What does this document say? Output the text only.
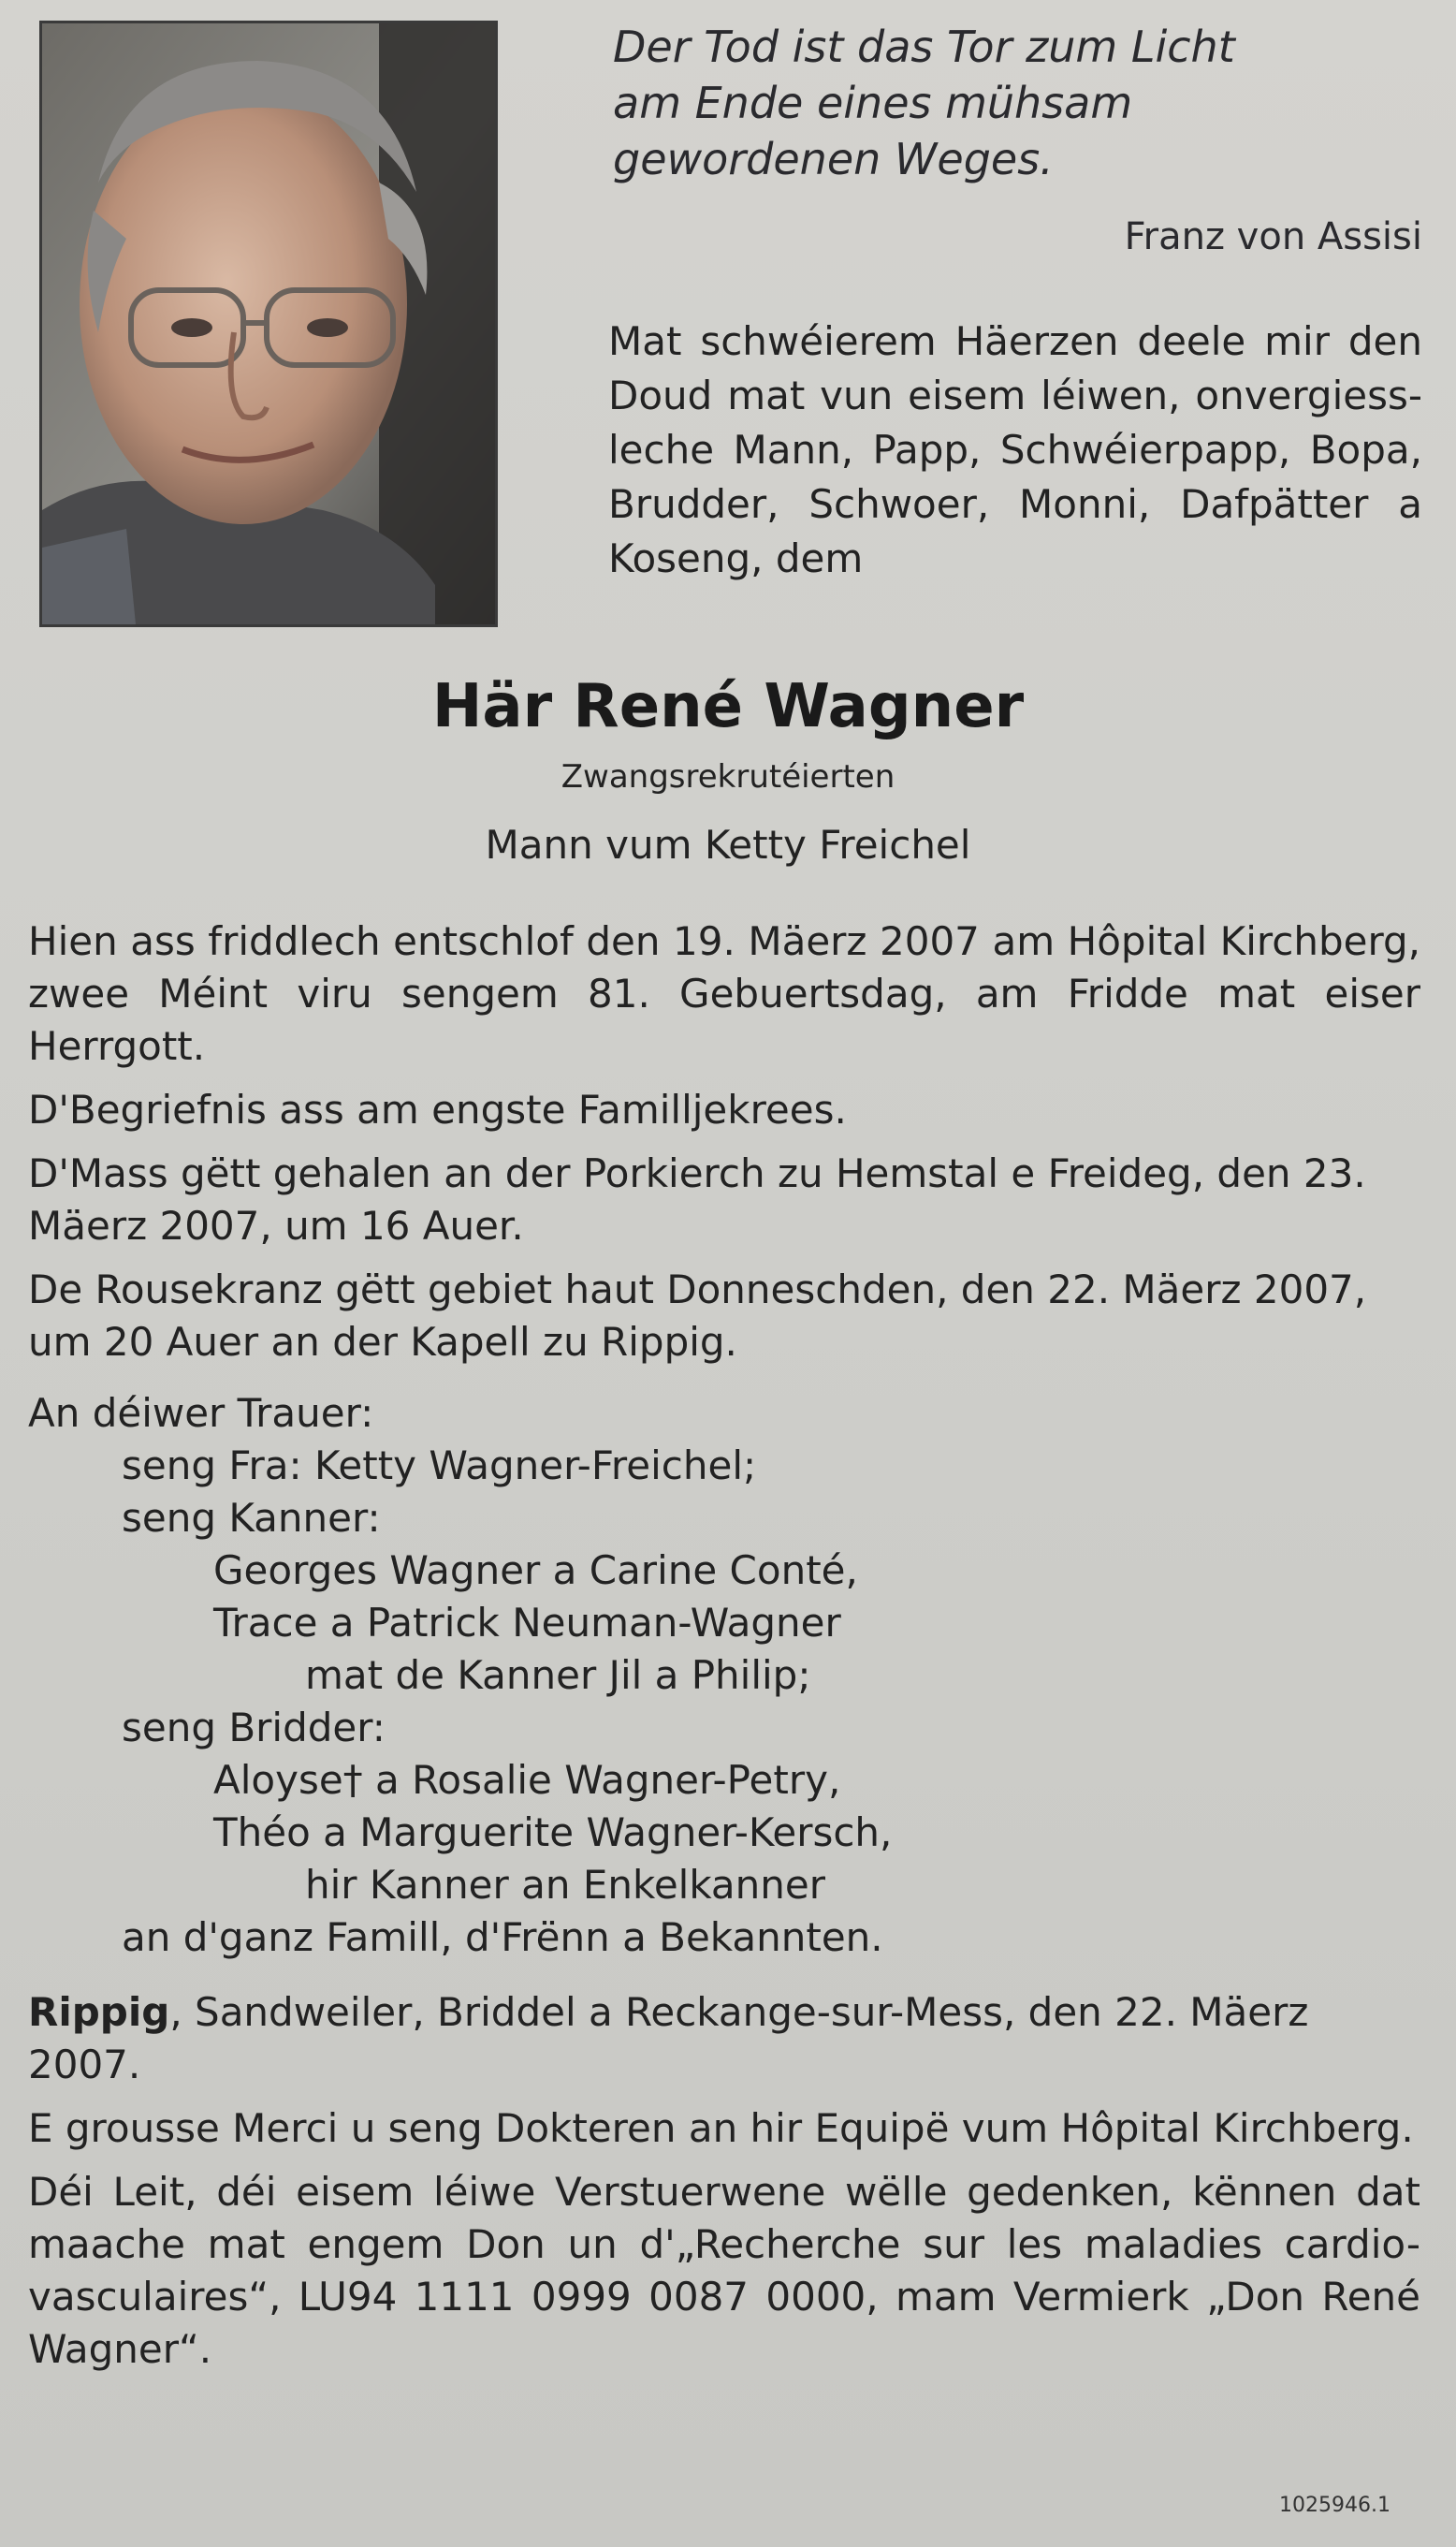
Der Tod ist das Tor zum Licht
am Ende eines mühsam
gewordenen Weges.
Franz von Assisi
Mat schwéierem Häerzen deele mir den Doud mat vun eisem léiwen, onvergiess-leche Mann, Papp, Schwéierpapp, Bopa, Brudder, Schwoer, Monni, Dafpätter a Koseng, dem
Här René Wagner
Zwangsrekrutéierten
Mann vum Ketty Freichel

Hien ass friddlech entschlof den 19. Mäerz 2007 am Hôpital Kirchberg, zwee Méint viru sengem 81. Gebuertsdag, am Fridde mat eiser Herrgott.

D'Begriefnis ass am engste Familljekrees.

D'Mass gëtt gehalen an der Porkierch zu Hemstal e Freideg, den 23. Mäerz 2007, um 16 Auer.

De Rousekranz gëtt gebiet haut Donneschden, den 22. Mäerz 2007, um 20 Auer an der Kapell zu Rippig.

An déiwer Trauer:
seng Fra: Ketty Wagner-Freichel;
seng Kanner:
Georges Wagner a Carine Conté,
Trace a Patrick Neuman-Wagner
mat de Kanner Jil a Philip;
seng Bridder:
Aloyse† a Rosalie Wagner-Petry,
Théo a Marguerite Wagner-Kersch,
hir Kanner an Enkelkanner
an d'ganz Famill, d'Frënn a Bekannten.

Rippig, Sandweiler, Briddel a Reckange-sur-Mess, den 22. Mäerz 2007.

E grousse Merci u seng Dokteren an hir Equipë vum Hôpital Kirchberg.

Déi Leit, déi eisem léiwe Verstuerwene wëlle gedenken, kënnen dat maache mat engem Don un d'„Recherche sur les maladies cardio-vasculaires“, LU94 1111 0999 0087 0000, mam Vermierk „Don René Wagner“.

1025946.1
